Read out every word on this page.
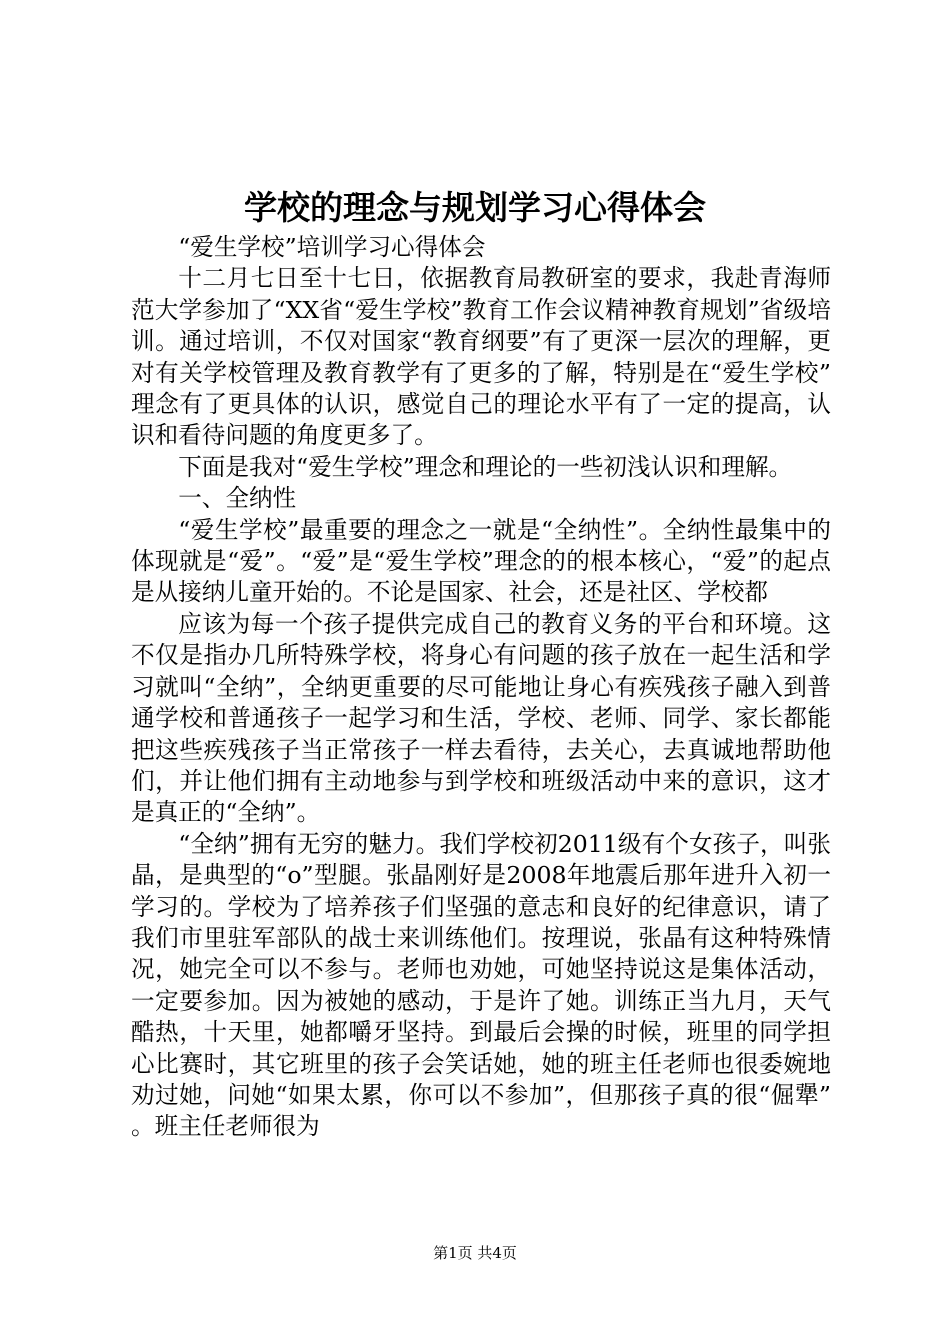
学校的理念与规划学习心得体会

“爱生学校”培训学习心得体会

十二月七日至十七日，依据教育局教研室的要求，我赴青海师范大学参加了“XX省“爱生学校”教育工作会议精神教育规划”省级培训。通过培训，不仅对国家“教育纲要”有了更深一层次的理解，更对有关学校管理及教育教学有了更多的了解，特别是在“爱生学校”理念有了更具体的认识，感觉自己的理论水平有了一定的提高，认识和看待问题的角度更多了。

下面是我对“爱生学校”理念和理论的一些初浅认识和理解。

一、全纳性

“爱生学校”最重要的理念之一就是“全纳性”。全纳性最集中的体现就是“爱”。“爱”是“爱生学校”理念的的根本核心，“爱”的起点是从接纳儿童开始的。不论是国家、社会，还是社区、学校都

应该为每一个孩子提供完成自己的教育义务的平台和环境。这不仅是指办几所特殊学校，将身心有问题的孩子放在一起生活和学习就叫“全纳”，全纳更重要的尽可能地让身心有疾残孩子融入到普通学校和普通孩子一起学习和生活，学校、老师、同学、家长都能把这些疾残孩子当正常孩子一样去看待，去关心，去真诚地帮助他们，并让他们拥有主动地参与到学校和班级活动中来的意识，这才是真正的“全纳”。

“全纳”拥有无穷的魅力。我们学校初2011级有个女孩子，叫张晶，是典型的“o”型腿。张晶刚好是2008年地震后那年进升入初一学习的。学校为了培养孩子们坚强的意志和良好的纪律意识，请了我们市里驻军部队的战士来训练他们。按理说，张晶有这种特殊情况，她完全可以不参与。老师也劝她，可她坚持说这是集体活动，一定要参加。因为被她的感动，于是许了她。训练正当九月，天气酷热，十天里，她都嚼牙坚持。到最后会操的时候，班里的同学担心比赛时，其它班里的孩子会笑话她，她的班主任老师也很委婉地劝过她，问她“如果太累，你可以不参加”，但那孩子真的很“倔犟”。班主任老师很为

第1页 共4页
